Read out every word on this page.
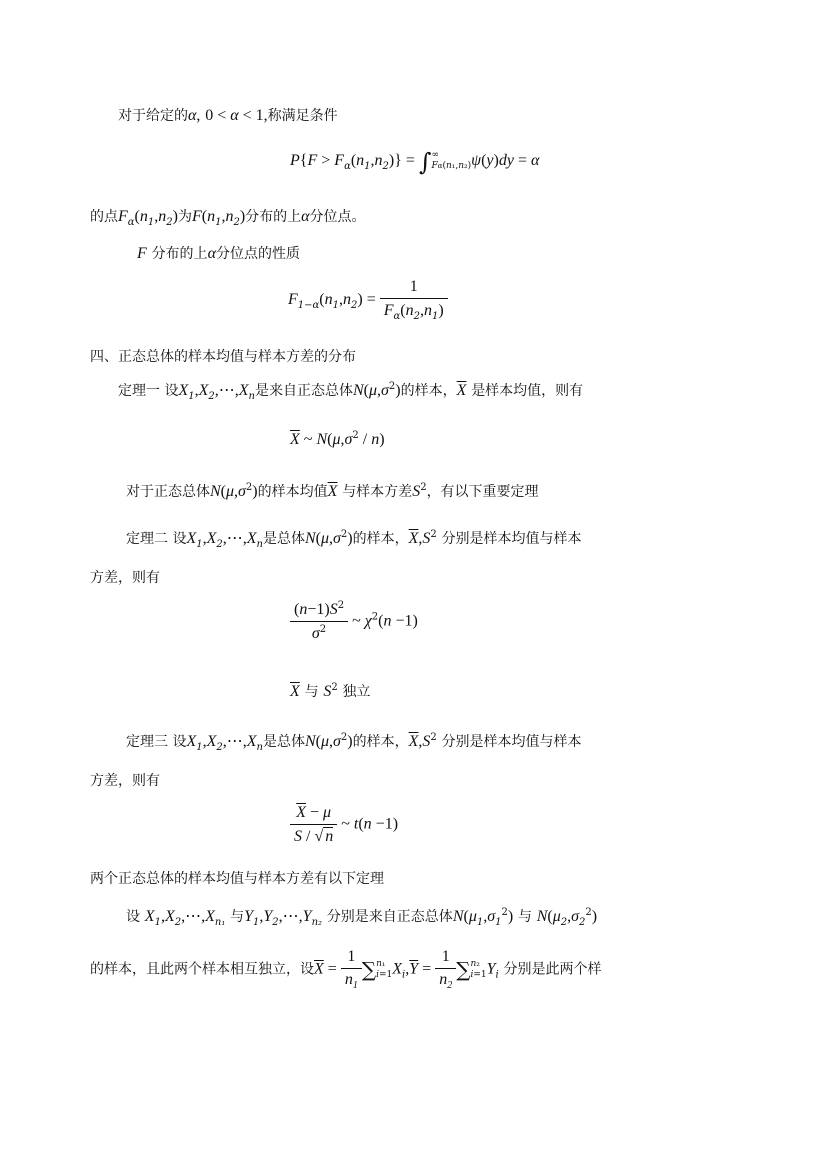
对于给定的α, 0 < α < 1,称满足条件
$P\{F > F_\alpha(n_1,n_2)\}$ = ∫ ∞
Fα(n₁,n₂) ψ(y)dy = α
的点$F_\alpha(n_1,n_2)$为$F(n_1,n_2)$分布的上α分位点。
F 分布的上α分位点的性质
$F_{1-\alpha}(n_1,n_2) = \frac{1}{F_\alpha(n_2,n_1)}$
四、正态总体的样本均值与样本方差的分布
定理一 设$X_1,X_2,\cdots,X_n$是来自正态总体$N(\mu,\sigma^2)$的样本，$\overline{X}$ 是样本均值，则有
$\overline{X}$ ~ $N(\mu,\sigma^2 / n)$
对于正态总体$N(\mu,\sigma^2)$的样本均值$\overline{X}$ 与样本方差$S^2$，有以下重要定理
定理二 设$X_1,X_2,\cdots,X_n$是总体$N(\mu,\sigma^2)$的样本，$\overline{X},S^2$ 分别是样本均值与样本
方差，则有
$\frac{(n-1)S^2}{\sigma^2}$ ~ $\chi^2(n -1)$
$\overline{X}$ 与 $S^2$ 独立
定理三 设$X_1,X_2,\cdots,X_n$是总体$N(\mu,\sigma^2)$的样本，$\overline{X},S^2$ 分别是样本均值与样本
方差，则有
$\frac{\overline{X} - \mu}{S / √ n}$ ~ t(n −1)
两个正态总体的样本均值与样本方差有以下定理
设 $X_1,X_2,\cdots,X_{n_1}$ 与$Y_1,Y_2,\cdots,Y_{n_2}$ 分别是来自正态总体$N(\mu_1,\sigma_1^2)$ 与 $N(\mu_2,\sigma_2^2)$
的样本，且此两个样本相互独立，设$\overline{X} = \frac{1}{n_1}$ ∑ n₁
i=1 $X_i,\overline{Y} = \frac{1}{n_2}$ ∑ n₂
i=1 $Y_i$ 分别是此两个样
